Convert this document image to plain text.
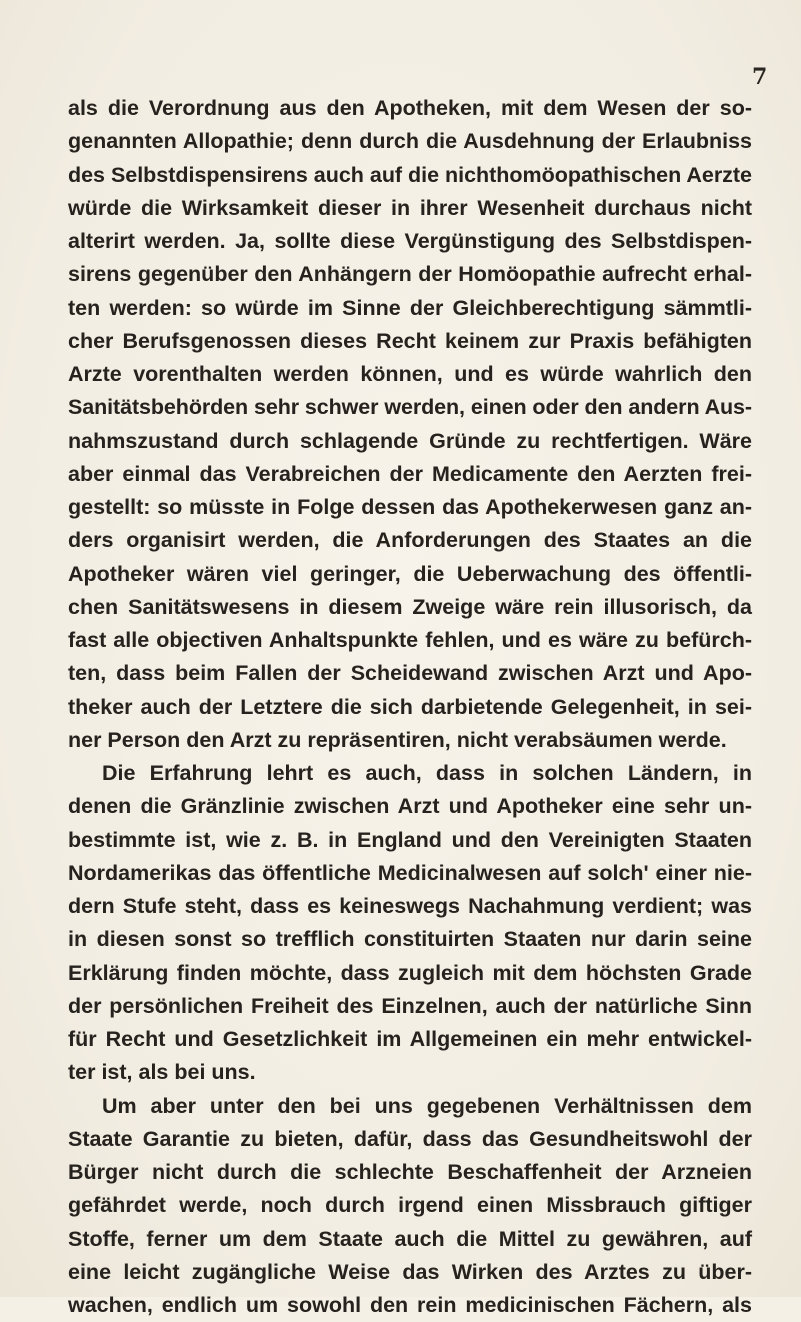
7
als die Verordnung aus den Apotheken, mit dem Wesen der so-
genannten Allopathie; denn durch die Ausdehnung der Erlaubniss
des Selbstdispensirens auch auf die nichthomöopathischen Aerzte
würde die Wirksamkeit dieser in ihrer Wesenheit durchaus nicht
alterirt werden. Ja, sollte diese Vergünstigung des Selbstdispen-
sirens gegenüber den Anhängern der Homöopathie aufrecht erhal-
ten werden: so würde im Sinne der Gleichberechtigung sämmtli-
cher Berufsgenossen dieses Recht keinem zur Praxis befähigten
Arzte vorenthalten werden können, und es würde wahrlich den
Sanitätsbehörden sehr schwer werden, einen oder den andern Aus-
nahmszustand durch schlagende Gründe zu rechtfertigen. Wäre
aber einmal das Verabreichen der Medicamente den Aerzten frei-
gestellt: so müsste in Folge dessen das Apothekerwesen ganz an-
ders organisirt werden, die Anforderungen des Staates an die
Apotheker wären viel geringer, die Ueberwachung des öffentli-
chen Sanitätswesens in diesem Zweige wäre rein illusorisch, da
fast alle objectiven Anhaltspunkte fehlen, und es wäre zu befürch-
ten, dass beim Fallen der Scheidewand zwischen Arzt und Apo-
theker auch der Letztere die sich darbietende Gelegenheit, in sei-
ner Person den Arzt zu repräsentiren, nicht verabsäumen werde.
Die Erfahrung lehrt es auch, dass in solchen Ländern, in
denen die Gränzlinie zwischen Arzt und Apotheker eine sehr un-
bestimmte ist, wie z. B. in England und den Vereinigten Staaten
Nordamerikas das öffentliche Medicinalwesen auf solch' einer nie-
dern Stufe steht, dass es keineswegs Nachahmung verdient; was
in diesen sonst so trefflich constituirten Staaten nur darin seine
Erklärung finden möchte, dass zugleich mit dem höchsten Grade
der persönlichen Freiheit des Einzelnen, auch der natürliche Sinn
für Recht und Gesetzlichkeit im Allgemeinen ein mehr entwickel-
ter ist, als bei uns.
Um aber unter den bei uns gegebenen Verhältnissen dem
Staate Garantie zu bieten, dafür, dass das Gesundheitswohl der
Bürger nicht durch die schlechte Beschaffenheit der Arzneien
gefährdet werde, noch durch irgend einen Missbrauch giftiger
Stoffe, ferner um dem Staate auch die Mittel zu gewähren, auf
eine leicht zugängliche Weise das Wirken des Arztes zu über-
wachen, endlich um sowohl den rein medicinischen Fächern, als
